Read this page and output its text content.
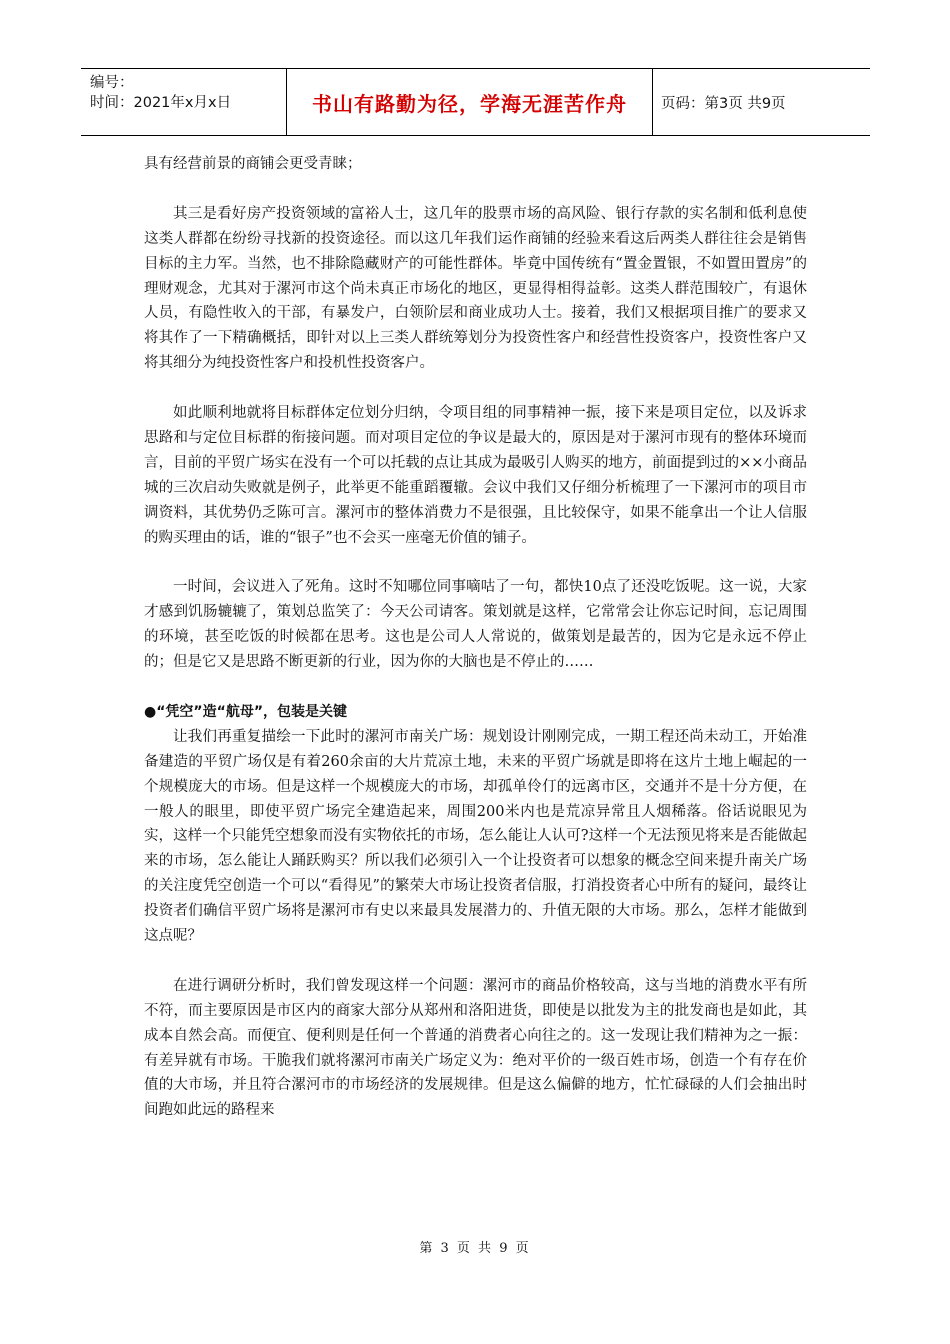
编号：
时间：2021年x月x日	书山有路勤为径，学海无涯苦作舟	页码：第3页 共9页

具有经营前景的商铺会更受青睐；

其三是看好房产投资领域的富裕人士，这几年的股票市场的高风险、银行存款的实名制和低利息使这类人群都在纷纷寻找新的投资途径。而以这几年我们运作商铺的经验来看这后两类人群往往会是销售目标的主力军。当然，也不排除隐藏财产的可能性群体。毕竟中国传统有“置金置银，不如置田置房”的理财观念，尤其对于漯河市这个尚未真正市场化的地区，更显得相得益彰。这类人群范围较广，有退休人员，有隐性收入的干部，有暴发户，白领阶层和商业成功人士。接着，我们又根据项目推广的要求又将其作了一下精确概括，即针对以上三类人群统筹划分为投资性客户和经营性投资客户，投资性客户又将其细分为纯投资性客户和投机性投资客户。

如此顺利地就将目标群体定位划分归纳，令项目组的同事精神一振，接下来是项目定位，以及诉求思路和与定位目标群的衔接问题。而对项目定位的争议是最大的，原因是对于漯河市现有的整体环境而言，目前的平贸广场实在没有一个可以托载的点让其成为最吸引人购买的地方，前面提到过的××小商品城的三次启动失败就是例子，此举更不能重蹈覆辙。会议中我们又仔细分析梳理了一下漯河市的项目市调资料，其优势仍乏陈可言。漯河市的整体消费力不是很强，且比较保守，如果不能拿出一个让人信服的购买理由的话，谁的“银子”也不会买一座毫无价值的铺子。

一时间，会议进入了死角。这时不知哪位同事嘀咕了一句，都快10点了还没吃饭呢。这一说，大家才感到饥肠辘辘了，策划总监笑了：今天公司请客。策划就是这样，它常常会让你忘记时间，忘记周围的环境，甚至吃饭的时候都在思考。这也是公司人人常说的，做策划是最苦的，因为它是永远不停止的；但是它又是思路不断更新的行业，因为你的大脑也是不停止的……

●“凭空”造“航母”，包装是关键

让我们再重复描绘一下此时的漯河市南关广场：规划设计刚刚完成，一期工程还尚未动工，开始准备建造的平贸广场仅是有着260余亩的大片荒凉土地，未来的平贸广场就是即将在这片土地上崛起的一个规模庞大的市场。但是这样一个规模庞大的市场，却孤单伶仃的远离市区，交通并不是十分方便，在一般人的眼里，即使平贸广场完全建造起来，周围200米内也是荒凉异常且人烟稀落。俗话说眼见为实，这样一个只能凭空想象而没有实物依托的市场，怎么能让人认可?这样一个无法预见将来是否能做起来的市场，怎么能让人踊跃购买？所以我们必须引入一个让投资者可以想象的概念空间来提升南关广场的关注度凭空创造一个可以“看得见”的繁荣大市场让投资者信服，打消投资者心中所有的疑问，最终让投资者们确信平贸广场将是漯河市有史以来最具发展潜力的、升值无限的大市场。那么，怎样才能做到这点呢？

在进行调研分析时，我们曾发现这样一个问题：漯河市的商品价格较高，这与当地的消费水平有所不符，而主要原因是市区内的商家大部分从郑州和洛阳进货，即使是以批发为主的批发商也是如此，其成本自然会高。而便宜、便利则是任何一个普通的消费者心向往之的。这一发现让我们精神为之一振：有差异就有市场。干脆我们就将漯河市南关广场定义为：绝对平价的一级百姓市场，创造一个有存在价值的大市场，并且符合漯河市的市场经济的发展规律。但是这么偏僻的地方，忙忙碌碌的人们会抽出时间跑如此远的路程来

第 3 页 共 9 页
